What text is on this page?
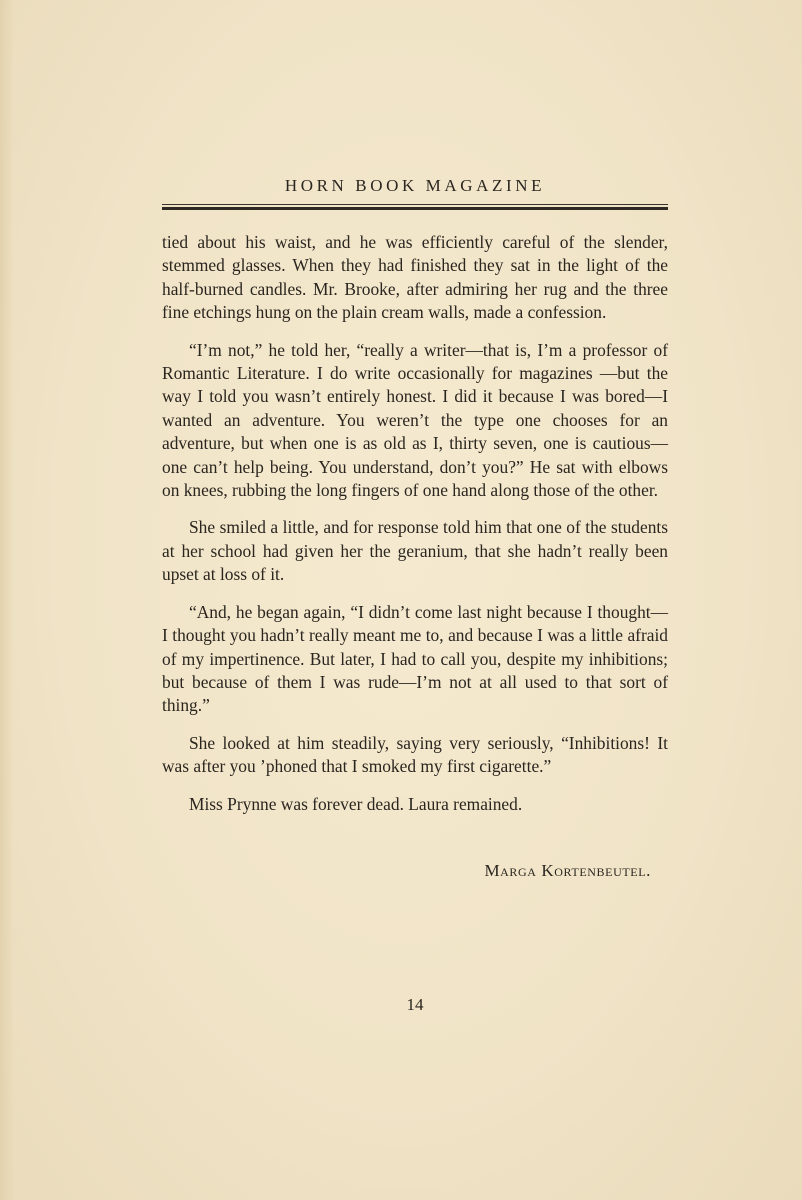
HORN BOOK MAGAZINE

tied about his waist, and he was efficiently careful of the slender, stemmed glasses. When they had finished they sat in the light of the half-burned candles. Mr. Brooke, after admiring her rug and the three fine etchings hung on the plain cream walls, made a confession.

“I’m not,” he told her, “really a writer—that is, I’m a professor of Romantic Literature. I do write occasionally for magazines —but the way I told you wasn’t entirely honest. I did it because I was bored—I wanted an adventure. You weren’t the type one chooses for an adventure, but when one is as old as I, thirty seven, one is cautious—one can’t help being. You understand, don’t you?” He sat with elbows on knees, rubbing the long fingers of one hand along those of the other.

She smiled a little, and for response told him that one of the students at her school had given her the geranium, that she hadn’t really been upset at loss of it.

“And, he began again, “I didn’t come last night because I thought—I thought you hadn’t really meant me to, and because I was a little afraid of my impertinence. But later, I had to call you, despite my inhibitions; but because of them I was rude—I’m not at all used to that sort of thing.”

She looked at him steadily, saying very seriously, “Inhibitions! It was after you ’phoned that I smoked my first cigarette.”

Miss Prynne was forever dead. Laura remained.

Marga Kortenbeutel.
14
